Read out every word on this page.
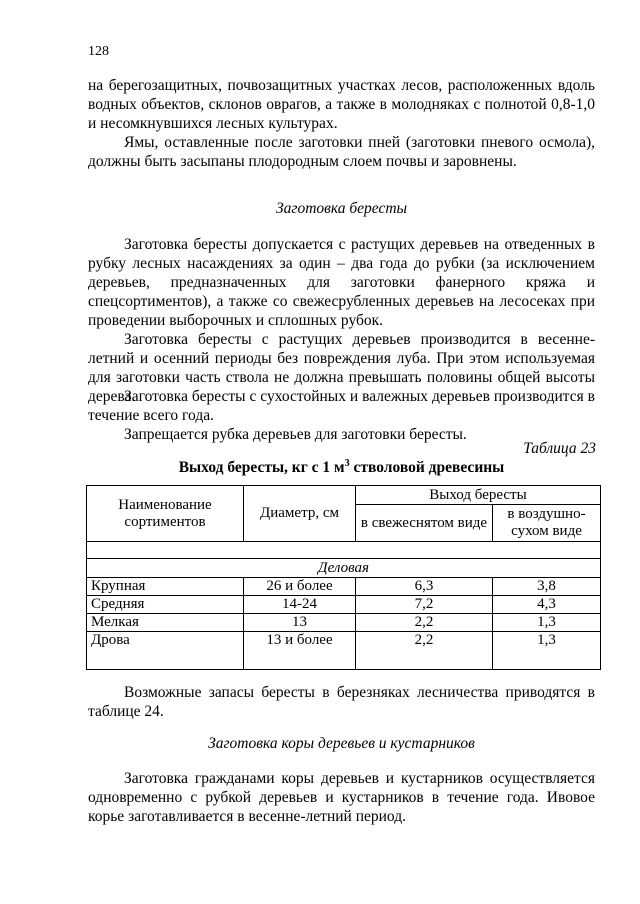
128

на берегозащитных, почвозащитных участках лесов, расположенных вдоль водных объектов, склонов оврагов, а также в молодняках с полнотой 0,8-1,0 и несомкнувшихся лесных культурах.

Ямы, оставленные после заготовки пней (заготовки пневого осмола), должны быть засыпаны плодородным слоем почвы и заровнены.

Заготовка бересты

Заготовка бересты допускается с растущих деревьев на отведенных в рубку лесных насаждениях за один – два года до рубки (за исключением деревьев, предназначенных для заготовки фанерного кряжа и спецсортиментов), а также со свежесрубленных деревьев на лесосеках при проведении выборочных и сплошных рубок.

Заготовка бересты с растущих деревьев производится в весенне-летний и осенний периоды без повреждения луба. При этом используемая для заготовки часть ствола не должна превышать половины общей высоты дерева.

Заготовка бересты с сухостойных и валежных деревьев производится в течение всего года.

Запрещается рубка деревьев для заготовки бересты.

Таблица 23

Выход бересты, кг с 1 $м^3$ стволовой древесины

Наименование сортиментов	Диаметр, см	Выход бересты	
		в свежеснятом виде	в воздушно-сухом виде

Деловая			
Крупная	26 и более	6,3	3,8
Средняя	14-24	7,2	4,3
Мелкая	13	2,2	1,3
Дрова	13 и более	2,2	1,3

Возможные запасы бересты в березняках лесничества приводятся в таблице 24.

Заготовка коры деревьев и кустарников

Заготовка гражданами коры деревьев и кустарников осуществляется одновременно с рубкой деревьев и кустарников в течение года. Ивовое корье заготавливается в весенне-летний период.
